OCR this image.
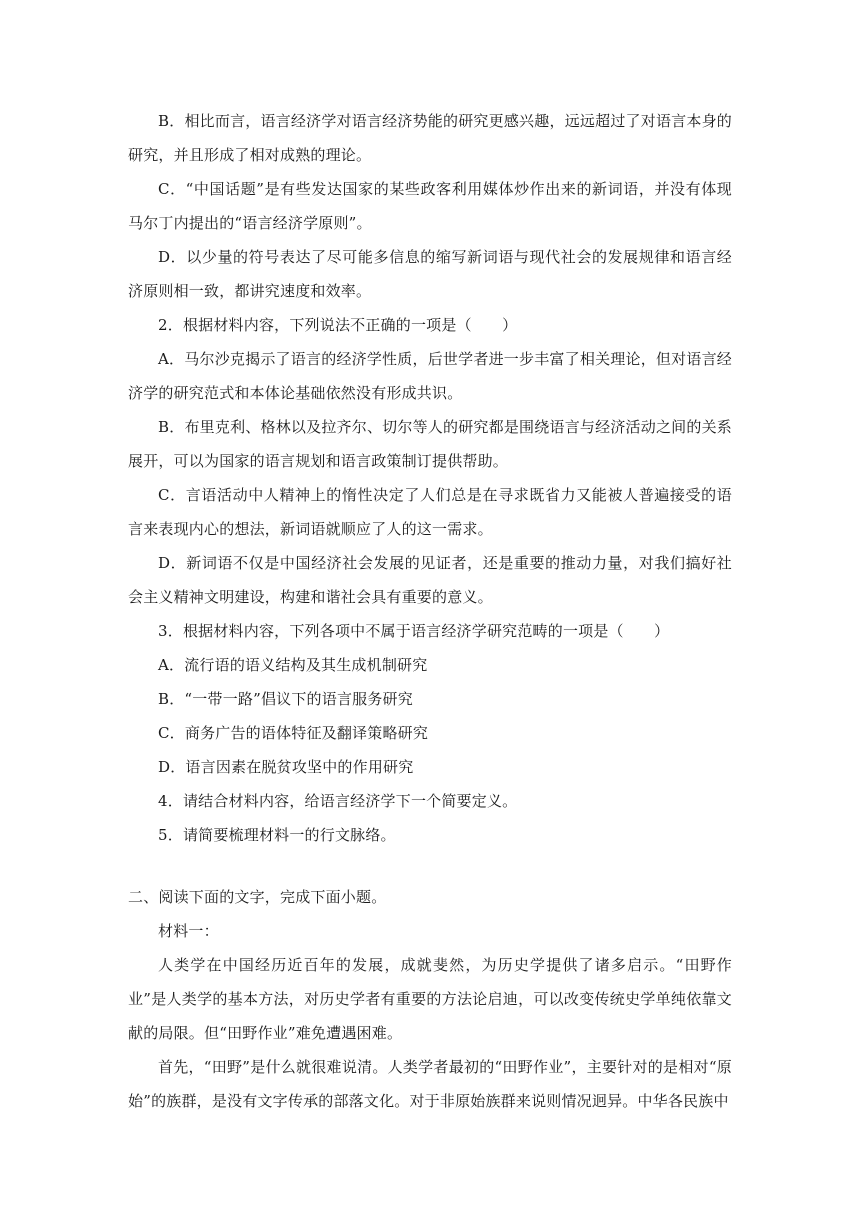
B．相比而言，语言经济学对语言经济势能的研究更感兴趣，远远超过了对语言本身的研究，并且形成了相对成熟的理论。

C．“中国话题”是有些发达国家的某些政客利用媒体炒作出来的新词语，并没有体现马尔丁内提出的“语言经济学原则”。

D．以少量的符号表达了尽可能多信息的缩写新词语与现代社会的发展规律和语言经济原则相一致，都讲究速度和效率。

2．根据材料内容，下列说法不正确的一项是（　　）

A．马尔沙克揭示了语言的经济学性质，后世学者进一步丰富了相关理论，但对语言经济学的研究范式和本体论基础依然没有形成共识。

B．布里克利、格林以及拉齐尔、切尔等人的研究都是围绕语言与经济活动之间的关系展开，可以为国家的语言规划和语言政策制订提供帮助。

C．言语活动中人精神上的惰性决定了人们总是在寻求既省力又能被人普遍接受的语言来表现内心的想法，新词语就顺应了人的这一需求。

D．新词语不仅是中国经济社会发展的见证者，还是重要的推动力量，对我们搞好社会主义精神文明建设，构建和谐社会具有重要的意义。

3．根据材料内容，下列各项中不属于语言经济学研究范畴的一项是（　　）

A．流行语的语义结构及其生成机制研究

B．“一带一路”倡议下的语言服务研究

C．商务广告的语体特征及翻译策略研究

D．语言因素在脱贫攻坚中的作用研究

4．请结合材料内容，给语言经济学下一个简要定义。

5．请简要梳理材料一的行文脉络。

二、阅读下面的文字，完成下面小题。

材料一：

人类学在中国经历近百年的发展，成就斐然，为历史学提供了诸多启示。“田野作业”是人类学的基本方法，对历史学者有重要的方法论启迪，可以改变传统史学单纯依靠文献的局限。但“田野作业”难免遭遇困难。

首先，“田野”是什么就很难说清。人类学者最初的“田野作业”，主要针对的是相对“原始”的族群，是没有文字传承的部落文化。对于非原始族群来说则情况迥异。中华各民族中
